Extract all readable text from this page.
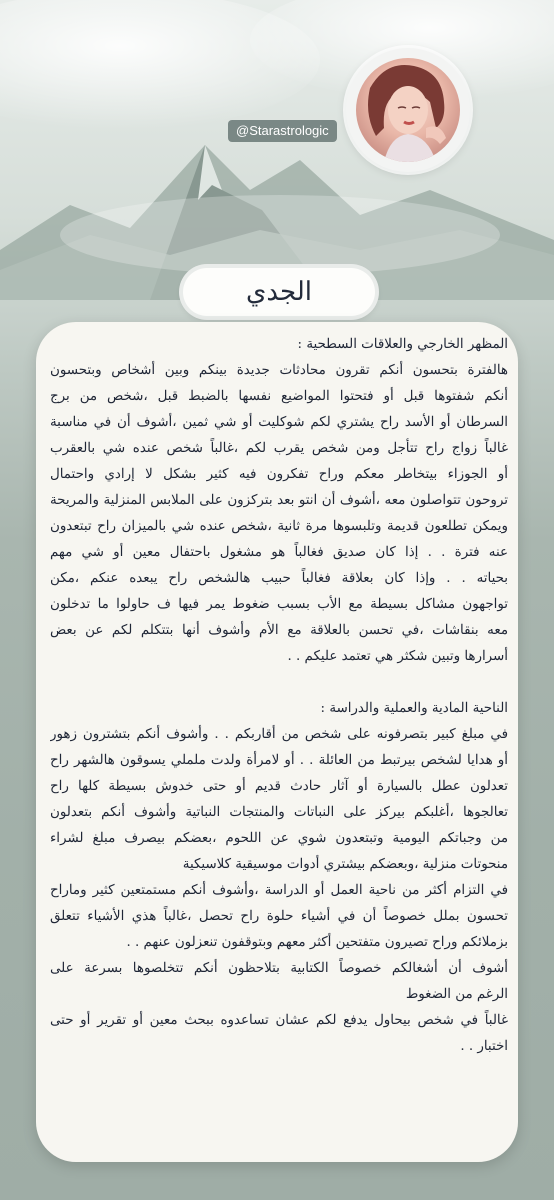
@Starastrologic
الجدي
المظهر الخارجي والعلاقات السطحية :
هالفترة بتحسون أنكم تقرون محادثات جديدة بينكم وبين أشخاص وبتحسون
أنكم شفتوها قبل أو فتحتوا المواضيع نفسها بالضبط قبل ،شخص من برج
السرطان أو الأسد راح يشتري لكم شوكليت أو شي ثمين ،أشوف أن في مناسبة
غالباً زواج راح تتأجل ومن شخص يقرب لكم ،غالباً شخص عنده شي بالعقرب
أو الجوزاء بيتخاطر معكم وراح تفكرون فيه كثير بشكل لا إرادي واحتمال
تروحون تتواصلون معه ،أشوف أن انتو بعد بتركزون على الملابس المنزلية والمريحة
ويمكن تطلعون قديمة وتلبسوها مرة ثانية ،شخص عنده شي بالميزان راح تبتعدون
عنه فترة . . إذا كان صديق فغالباً هو مشغول باحتفال معين أو شي مهم
بحياته . . وإذا كان بعلاقة فغالباً حبيب هالشخص راح يبعده عنكم ،مكن
تواجهون مشاكل بسيطة مع الأب بسبب ضغوط يمر فيها ف حاولوا ما تدخلون
معه بنقاشات ،في تحسن بالعلاقة مع الأم وأشوف أنها بتتكلم لكم عن بعض
أسرارها وتبين شكثر هي تعتمد عليكم . .
الناحية المادية والعملية والدراسة :
في مبلغ كبير بتصرفونه على شخص من أقاربكم . . وأشوف أنكم بتشترون زهور
أو هدايا لشخص بيرتبط من العائلة . . أو لامرأة ولدت ململي يسوقون هالشهر راح
تعدلون عطل بالسيارة أو آثار حادث قديم أو حتى خدوش بسيطة كلها راح
تعالجوها ،أغلبكم بيركز على النباتات والمنتجات النباتية وأشوف أنكم بتعدلون
من وجباتكم اليومية وتبتعدون شوي عن اللحوم ،بعضكم بيصرف مبلغ لشراء
منحوتات منزلية ،وبعضكم بيشتري أدوات موسيقية كلاسيكية
في التزام أكثر من ناحية العمل أو الدراسة ،وأشوف أنكم مستمتعين كثير وماراح
تحسون بملل خصوصاً أن في أشياء حلوة راح تحصل ،غالباً هذي الأشياء تتعلق
بزملائكم وراح تصيرون متفتحين أكثر معهم وبتوقفون تنعزلون عنهم . .
أشوف أن أشغالكم خصوصاً الكتابية بتلاحظون أنكم تتخلصوها بسرعة على
الرغم من الضغوط
غالباً في شخص بيحاول يدفع لكم عشان تساعدوه ببحث معين أو تقرير أو حتى
اختبار . .
